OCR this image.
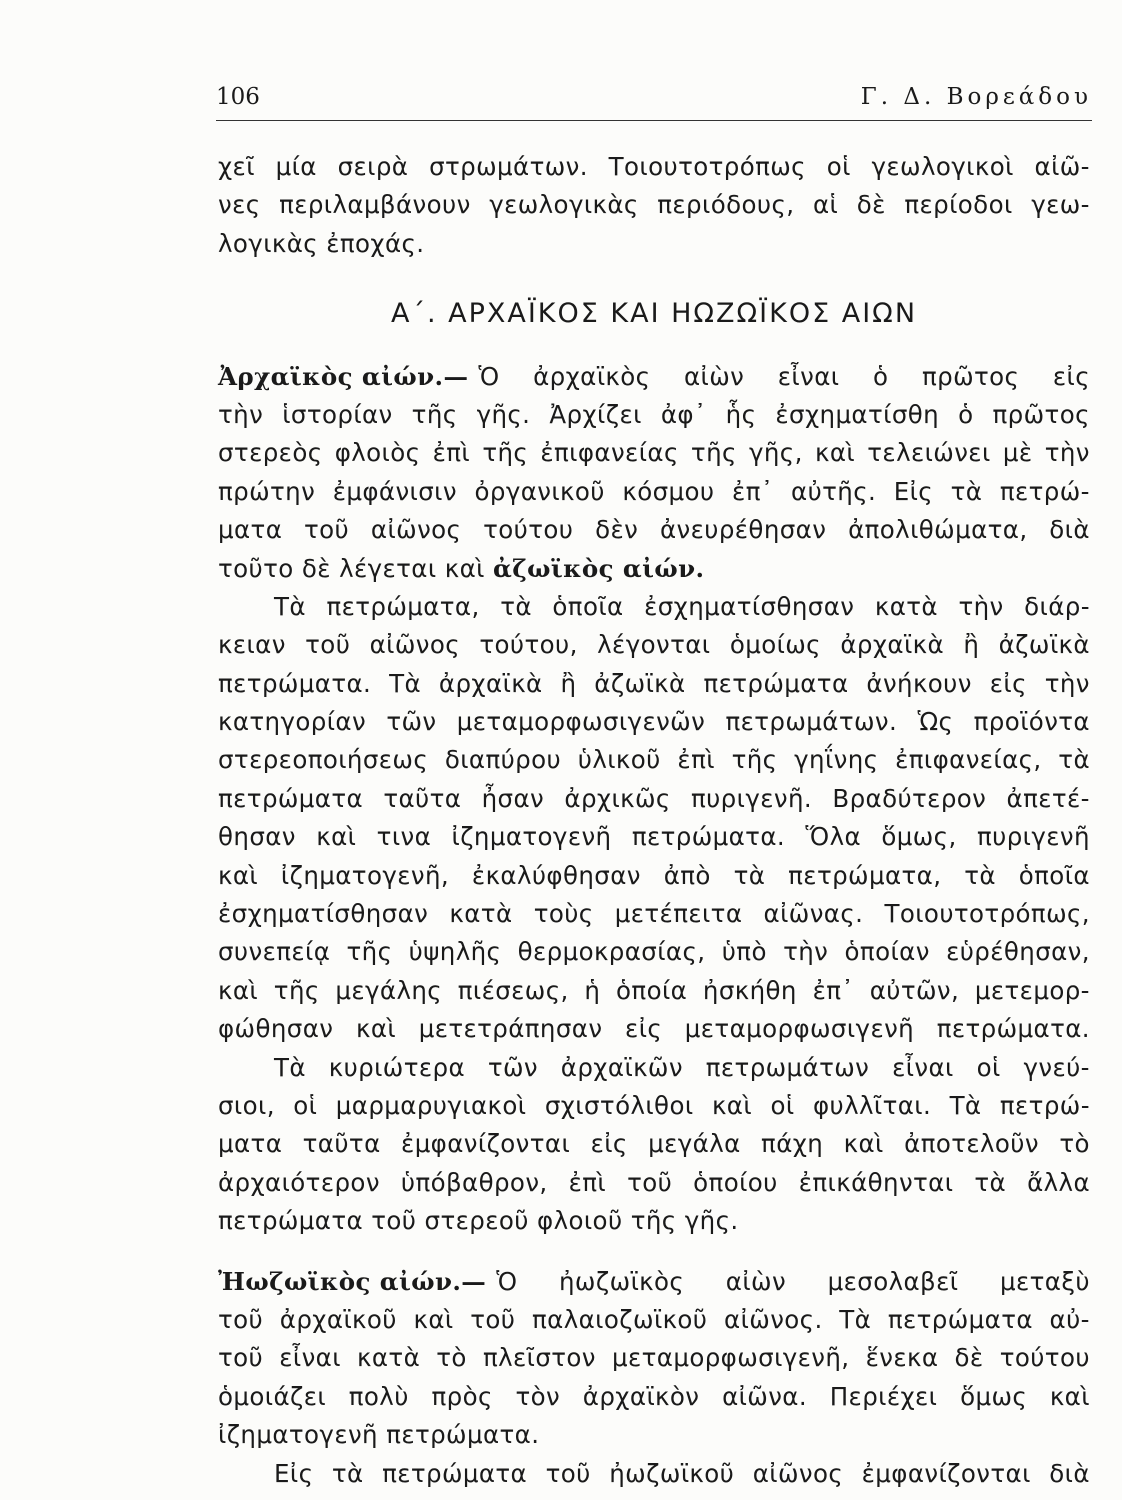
106	Γ. Δ. Βορεάδου
χεῖ μία σειρὰ στρωμάτων. Τοιουτοτρόπως οἱ γεωλογικοὶ αἰῶ-
νες περιλαμβάνουν γεωλογικὰς περιόδους, αἱ δὲ περίοδοι γεω-
λογικὰς ἐποχάς.
Α΄. ΑΡΧΑΪΚΟΣ ΚΑΙ ΗΩΖΩΪΚΟΣ ΑΙΩΝ
Ἀρχαϊκὸς αἰών.— Ὁ ἀρχαϊκὸς αἰὼν εἶναι ὁ πρῶτος εἰς
τὴν ἱστορίαν τῆς γῆς. Ἀρχίζει ἀφ᾽ ἧς ἐσχηματίσθη ὁ πρῶτος
στερεὸς φλοιὸς ἐπὶ τῆς ἐπιφανείας τῆς γῆς, καὶ τελειώνει μὲ τὴν
πρώτην ἐμφάνισιν ὀργανικοῦ κόσμου ἐπ᾽ αὐτῆς. Εἰς τὰ πετρώ-
ματα τοῦ αἰῶνος τούτου δὲν ἀνευρέθησαν ἀπολιθώματα, διὰ
τοῦτο δὲ λέγεται καὶ
ἀζωϊκὸς αἰών.
Τὰ πετρώματα, τὰ ὁποῖα ἐσχηματίσθησαν κατὰ τὴν διάρ-
κειαν τοῦ αἰῶνος τούτου, λέγονται ὁμοίως ἀρχαϊκὰ ἢ ἀζωϊκὰ
πετρώματα. Τὰ ἀρχαϊκὰ ἢ ἀζωϊκὰ πετρώματα ἀνήκουν εἰς τὴν
κατηγορίαν τῶν μεταμορφωσιγενῶν πετρωμάτων. Ὡς προϊόντα
στερεοποιήσεως διαπύρου ὑλικοῦ ἐπὶ τῆς γηΐνης ἐπιφανείας, τὰ
πετρώματα ταῦτα ἦσαν ἀρχικῶς πυριγενῆ. Βραδύτερον ἀπετέ-
θησαν καὶ τινα ἰζηματογενῆ πετρώματα. Ὅλα ὅμως, πυριγενῆ
καὶ ἰζηματογενῆ, ἐκαλύφθησαν ἀπὸ τὰ πετρώματα, τὰ ὁποῖα
ἐσχηματίσθησαν κατὰ τοὺς μετέπειτα αἰῶνας. Τοιουτοτρόπως,
συνεπείᾳ τῆς ὑψηλῆς θερμοκρασίας, ὑπὸ τὴν ὁποίαν εὑρέθησαν,
καὶ τῆς μεγάλης πιέσεως, ἡ ὁποία ἠσκήθη ἐπ᾽ αὐτῶν, μετεμορ-
φώθησαν καὶ μετετράπησαν εἰς μεταμορφωσιγενῆ πετρώματα.
Τὰ κυριώτερα τῶν ἀρχαϊκῶν πετρωμάτων εἶναι οἱ γνεύ-
σιοι, οἱ μαρμαρυγιακοὶ σχιστόλιθοι καὶ οἱ φυλλῖται. Τὰ πετρώ-
ματα ταῦτα ἐμφανίζονται εἰς μεγάλα πάχη καὶ ἀποτελοῦν τὸ
ἀρχαιότερον ὑπόβαθρον, ἐπὶ τοῦ ὁποίου ἐπικάθηνται τὰ ἄλλα
πετρώματα τοῦ στερεοῦ φλοιοῦ τῆς γῆς.
Ἠωζωϊκὸς αἰών.— Ὁ ἠωζωϊκὸς αἰὼν μεσολαβεῖ μεταξὺ
τοῦ ἀρχαϊκοῦ καὶ τοῦ παλαιοζωϊκοῦ αἰῶνος. Τὰ πετρώματα αὐ-
τοῦ εἶναι κατὰ τὸ πλεῖστον μεταμορφωσιγενῆ, ἕνεκα δὲ τούτου
ὁμοιάζει πολὺ πρὸς τὸν ἀρχαϊκὸν αἰῶνα. Περιέχει ὅμως καὶ
ἰζηματογενῆ πετρώματα.
Εἰς τὰ πετρώματα τοῦ ἠωζωϊκοῦ αἰῶνος ἐμφανίζονται διὰ
